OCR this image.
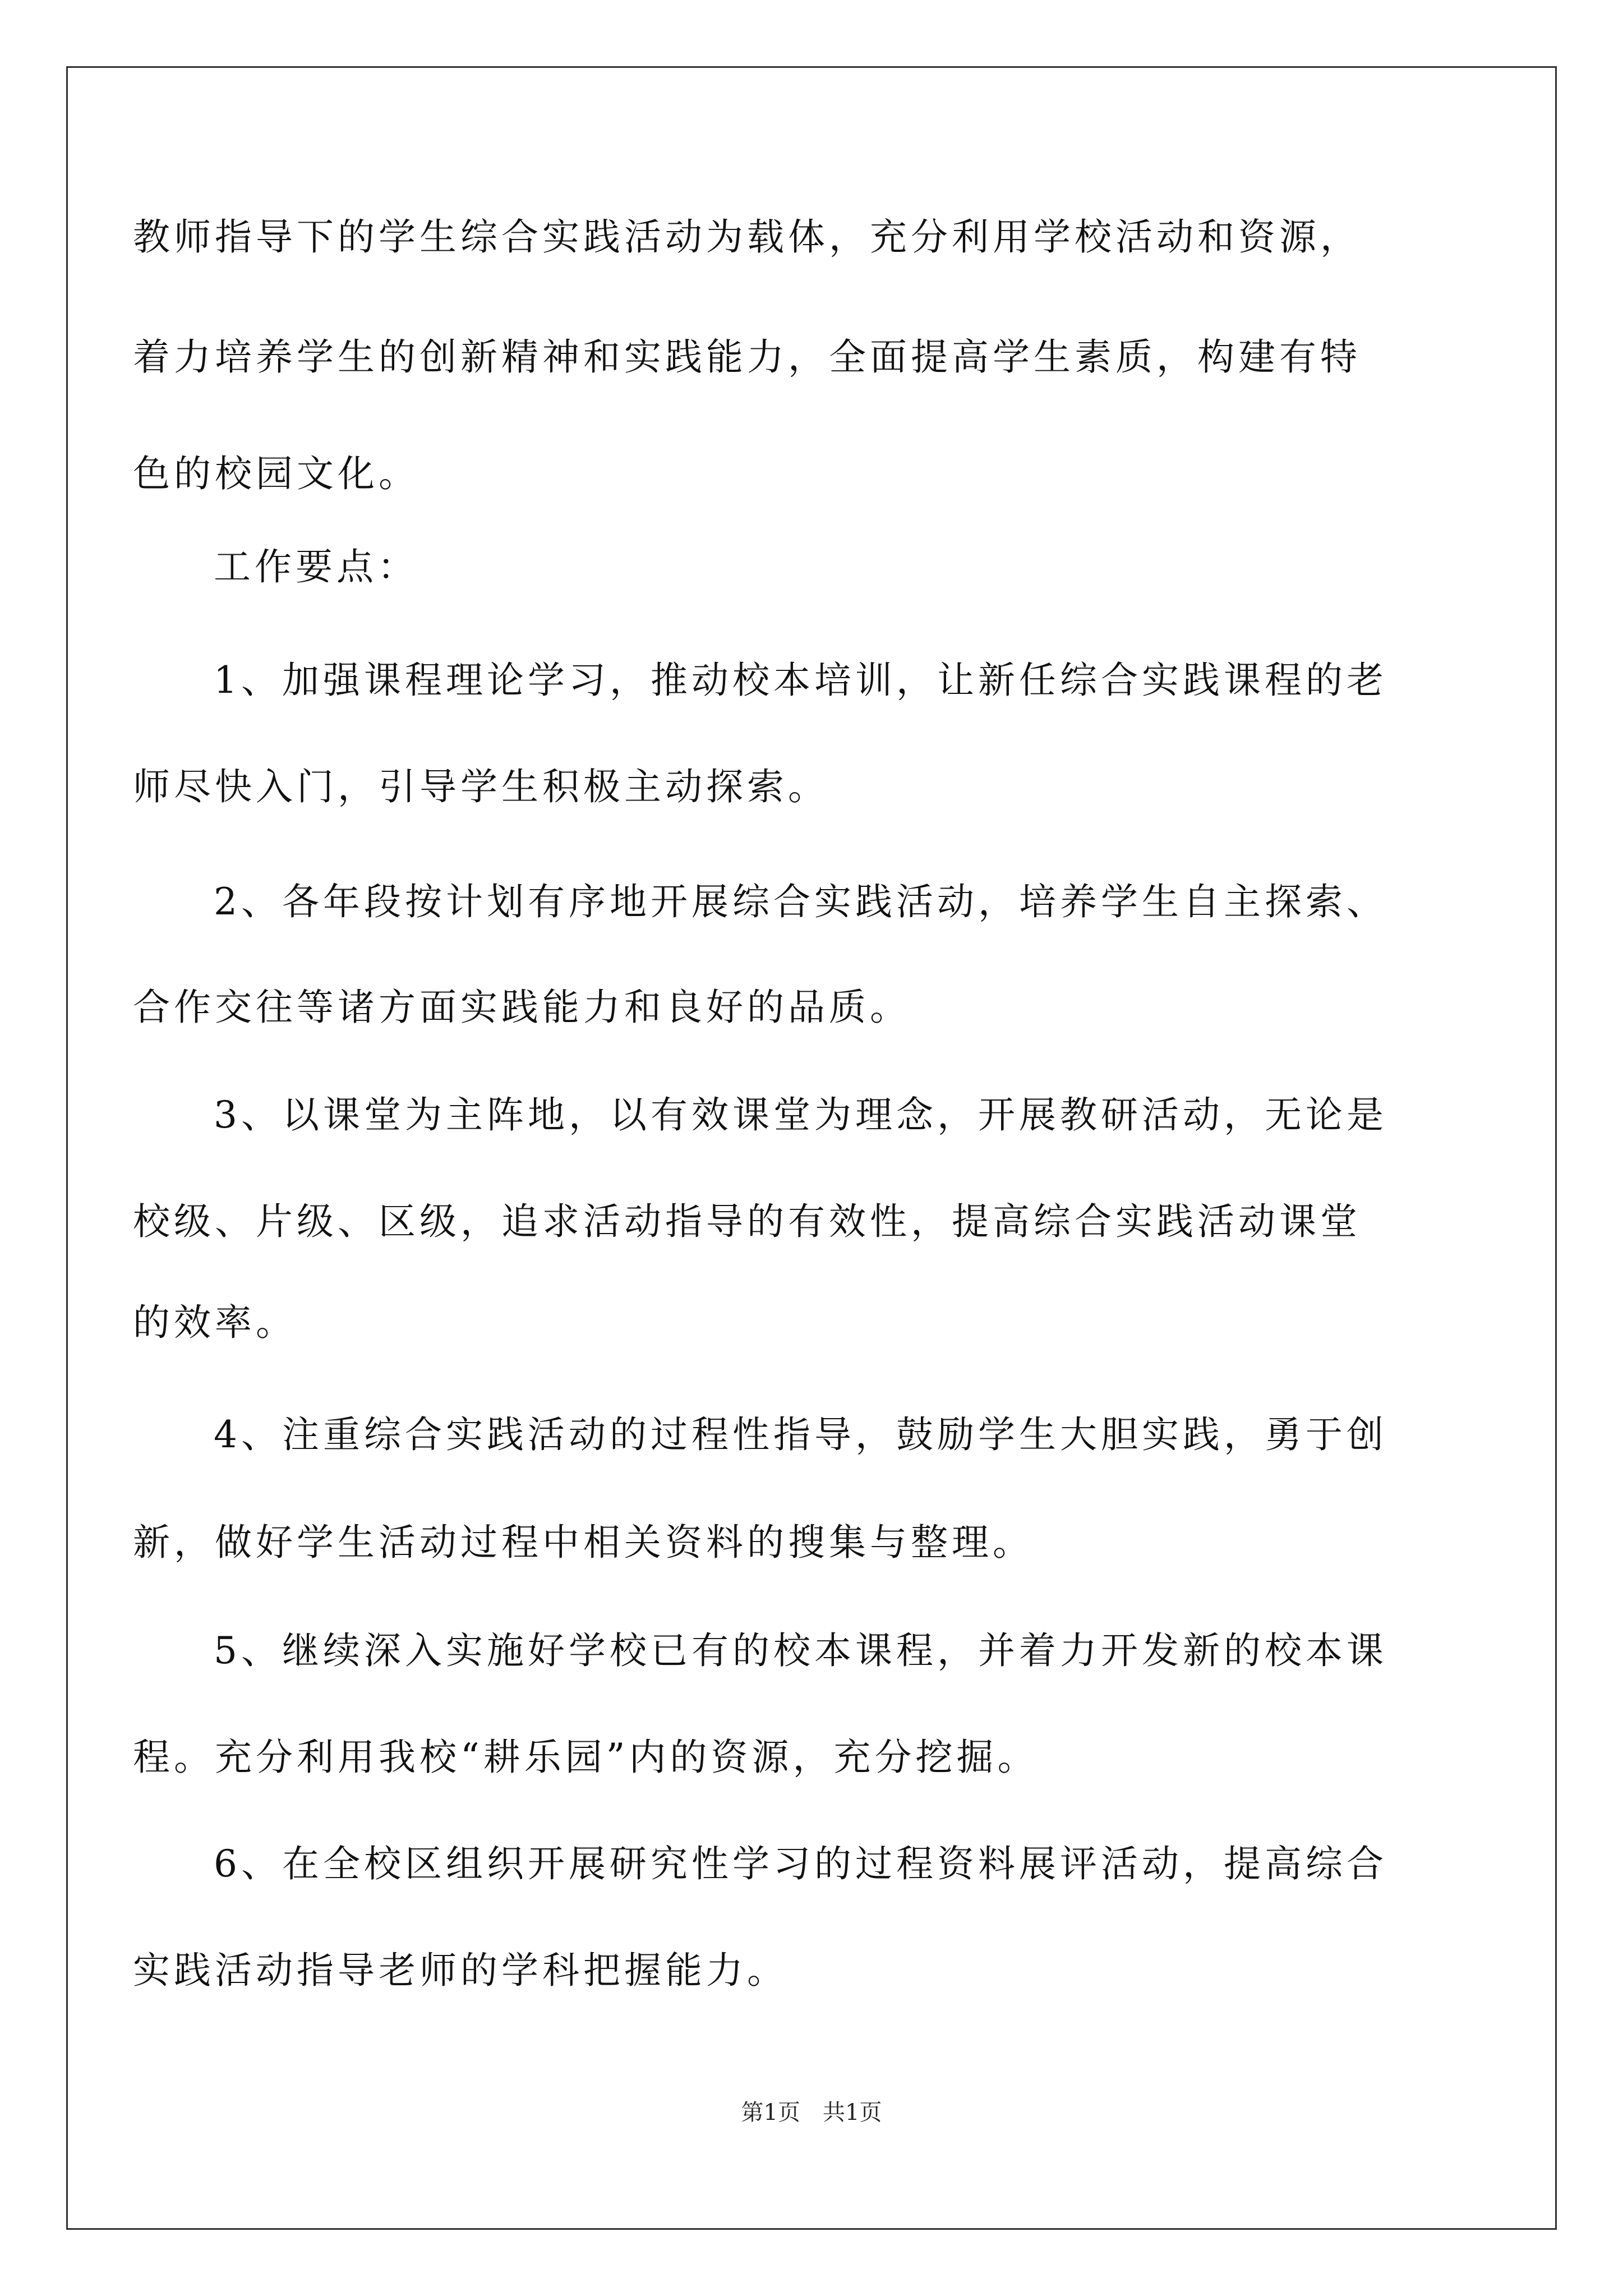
教师指导下的学生综合实践活动为载体，充分利用学校活动和资源，
着力培养学生的创新精神和实践能力，全面提高学生素质，构建有特
色的校园文化。
工作要点：
1、加强课程理论学习，推动校本培训，让新任综合实践课程的老
师尽快入门，引导学生积极主动探索。
2、各年段按计划有序地开展综合实践活动，培养学生自主探索、
合作交往等诸方面实践能力和良好的品质。
3、以课堂为主阵地，以有效课堂为理念，开展教研活动，无论是
校级、片级、区级，追求活动指导的有效性，提高综合实践活动课堂
的效率。
4、注重综合实践活动的过程性指导，鼓励学生大胆实践，勇于创
新，做好学生活动过程中相关资料的搜集与整理。
5、继续深入实施好学校已有的校本课程，并着力开发新的校本课
程。充分利用我校“耕乐园”内的资源，充分挖掘。
6、在全校区组织开展研究性学习的过程资料展评活动，提高综合
实践活动指导老师的学科把握能力。
第1页　共1页
